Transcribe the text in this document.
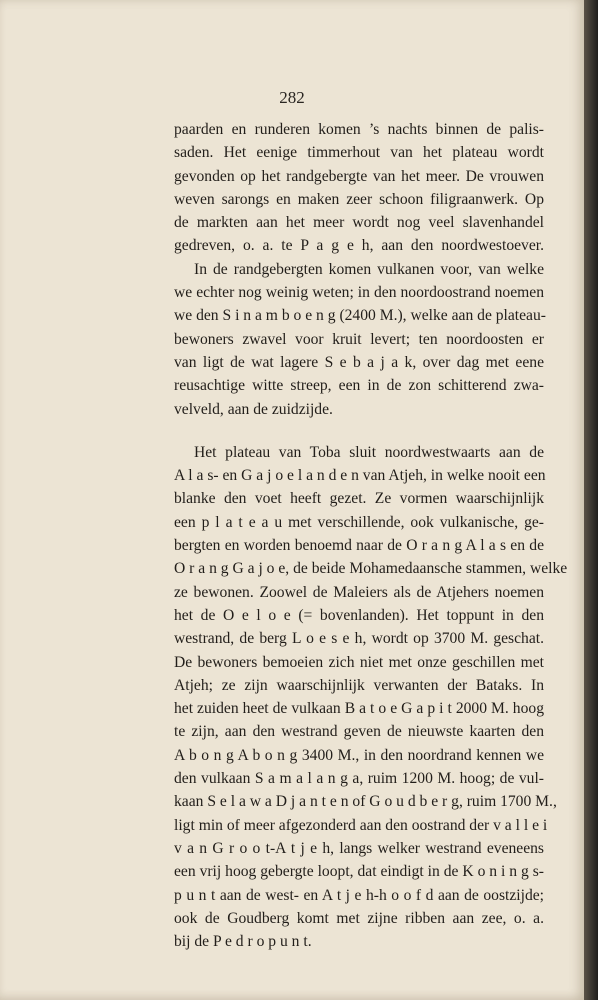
282
paarden en runderen komen ’s nachts binnen de palis-
saden. Het eenige timmerhout van het plateau wordt
gevonden op het randgebergte van het meer. De vrouwen
weven sarongs en maken zeer schoon filigraanwerk. Op
de markten aan het meer wordt nog veel slavenhandel
gedreven, o. a. te P a g e h, aan den noordwestoever.
In de randgebergten komen vulkanen voor, van welke
we echter nog weinig weten; in den noordoostrand noemen
we den S i n a m b o e n g (2400 M.), welke aan de plateau-
bewoners zwavel voor kruit levert; ten noordoosten er
van ligt de wat lagere S e b a j a k, over dag met eene
reusachtige witte streep, een in de zon schitterend zwa-
velveld, aan de zuidzijde.
Het plateau van Toba sluit noordwestwaarts aan de
A l a s- en G a j o e l a n d e n van Atjeh, in welke nooit een
blanke den voet heeft gezet. Ze vormen waarschijnlijk
een p l a t e a u met verschillende, ook vulkanische, ge-
bergten en worden benoemd naar de O r a n g A l a s en de
O r a n g G a j o e, de beide Mohamedaansche stammen, welke
ze bewonen. Zoowel de Maleiers als de Atjehers noemen
het de O e l o e (= bovenlanden). Het toppunt in den
westrand, de berg L o e s e h, wordt op 3700 M. geschat.
De bewoners bemoeien zich niet met onze geschillen met
Atjeh; ze zijn waarschijnlijk verwanten der Bataks. In
het zuiden heet de vulkaan B a t o e G a p i t 2000 M. hoog
te zijn, aan den westrand geven de nieuwste kaarten den
A b o n g A b o n g 3400 M., in den noordrand kennen we
den vulkaan S a m a l a n g a, ruim 1200 M. hoog; de vul-
kaan S e l a w a D j a n t e n of G o u d b e r g, ruim 1700 M.,
ligt min of meer afgezonderd aan den oostrand der v a l l e i
v a n G r o o t-A t j e h, langs welker westrand eveneens
een vrij hoog gebergte loopt, dat eindigt in de K o n i n g s-
p u n t aan de west- en A t j e h-h o o f d aan de oostzijde;
ook de Goudberg komt met zijne ribben aan zee, o. a.
bij de P e d r o p u n t.
